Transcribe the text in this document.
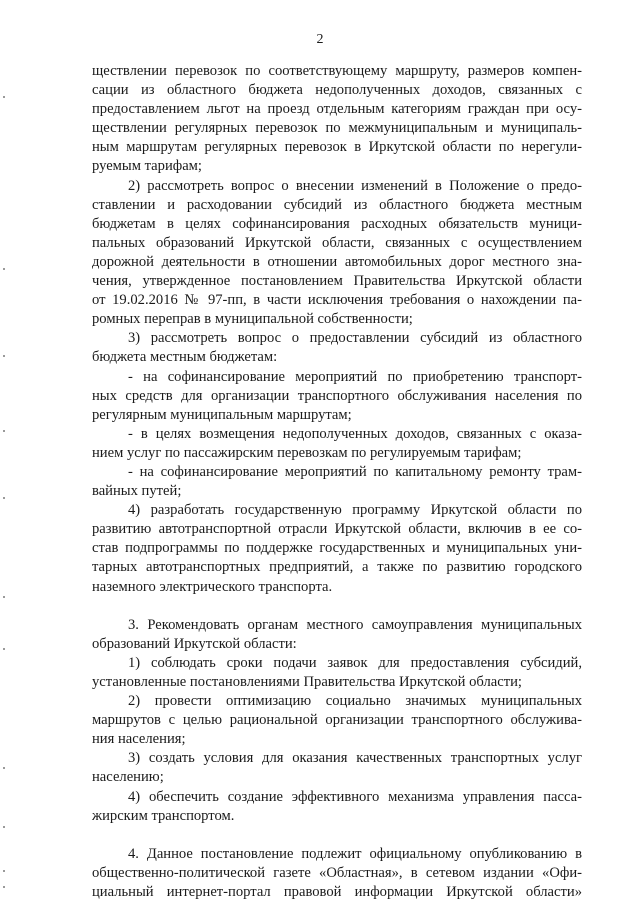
2
ществлении перевозок по соответствующему маршруту, размеров компен-
сации из областного бюджета недополученных доходов, связанных с
предоставлением льгот на проезд отдельным категориям граждан при осу-
ществлении регулярных перевозок по межмуниципальным и муниципаль-
ным маршрутам регулярных перевозок в Иркутской области по нерегули-
руемым тарифам;
2) рассмотреть вопрос о внесении изменений в Положение о предо-
ставлении и расходовании субсидий из областного бюджета местным
бюджетам в целях софинансирования расходных обязательств муници-
пальных образований Иркутской области, связанных с осуществлением
дорожной деятельности в отношении автомобильных дорог местного зна-
чения, утвержденное постановлением Правительства Иркутской области
от 19.02.2016 № 97-пп, в части исключения требования о нахождении па-
ромных переправ в муниципальной собственности;
3) рассмотреть вопрос о предоставлении субсидий из областного
бюджета местным бюджетам:
- на софинансирование мероприятий по приобретению транспорт-
ных средств для организации транспортного обслуживания населения по
регулярным муниципальным маршрутам;
- в целях возмещения недополученных доходов, связанных с оказа-
нием услуг по пассажирским перевозкам по регулируемым тарифам;
- на софинансирование мероприятий по капитальному ремонту трам-
вайных путей;
4) разработать государственную программу Иркутской области по
развитию автотранспортной отрасли Иркутской области, включив в ее со-
став подпрограммы по поддержке государственных и муниципальных уни-
тарных автотранспортных предприятий, а также по развитию городского
наземного электрического транспорта.
3. Рекомендовать органам местного самоуправления муниципальных
образований Иркутской области:
1) соблюдать сроки подачи заявок для предоставления субсидий,
установленные постановлениями Правительства Иркутской области;
2) провести оптимизацию социально значимых муниципальных
маршрутов с целью рациональной организации транспортного обслужива-
ния населения;
3) создать условия для оказания качественных транспортных услуг
населению;
4) обеспечить создание эффективного механизма управления пасса-
жирским транспортом.
4. Данное постановление подлежит официальному опубликованию в
общественно-политической газете «Областная», в сетевом издании «Офи-
циальный интернет-портал правовой информации Иркутской области»
